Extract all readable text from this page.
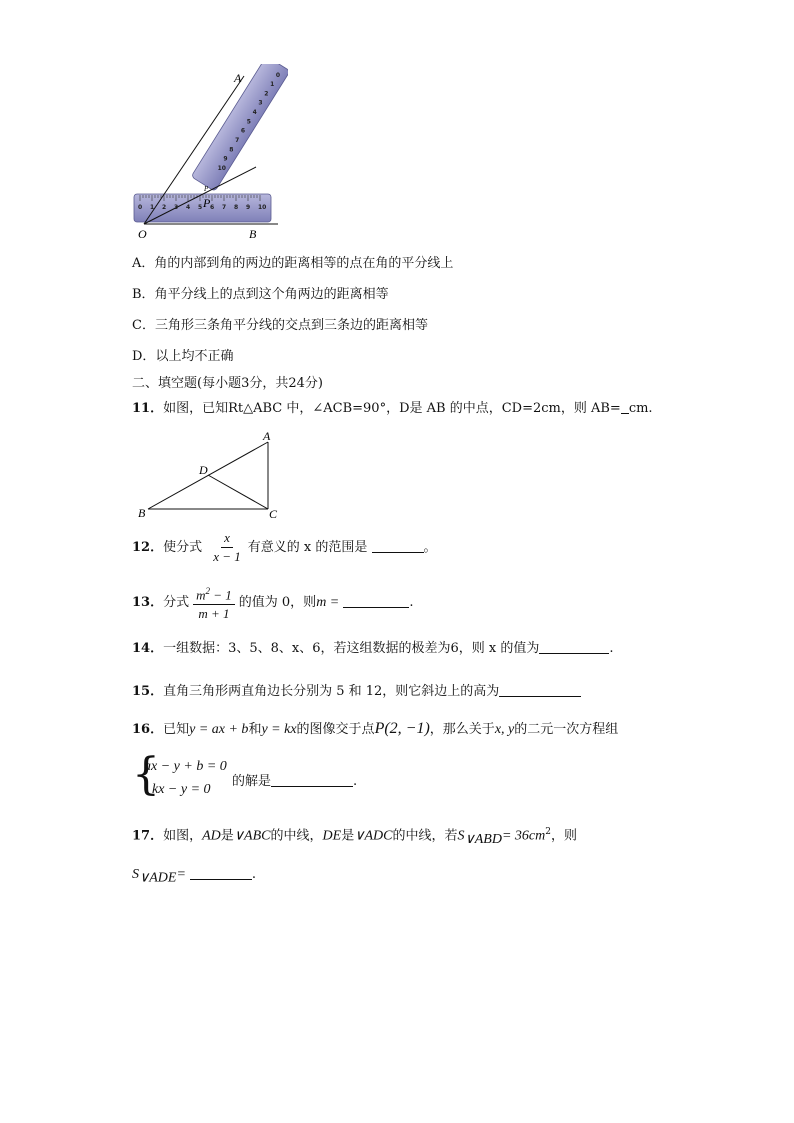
0 1 2 3 4 5 6 7 8 9 10
0
1
2
3
4
5
6
7
8
9
10
A
O	B
P
P
A．角的内部到角的两边的距离相等的点在角的平分线上
B．角平分线上的点到这个角两边的距离相等
C．三角形三条角平分线的交点到三条边的距离相等
D．以上均不正确
二、填空题(每小题3分，共24分)
11．如图，已知Rt△ABC 中，∠ACB=90°，D是 AB 的中点，CD=2cm，则 AB= cm.
A
B	C
D
12．使分式 $\frac{x}{x - 1}$ 有意义的 x 的范围是	。
13．分式 $\frac{m^2 - 1}{m + 1}$ 的值为 0，则m =	.
14．一组数据：3、5、8、x、6，若这组数据的极差为6，则 x 的值为	.
15．直角三角形两直角边长分别为 5 和 12，则它斜边上的高为
16．已知y = ax + b和y = kx的图像交于点P(2, −1)，那么关于x, y的二元一次方程组
{
ax − y + b = 0
kx − y = 0
的解是	.
17．如图，AD是∨ABC的中线，DE是∨ADC的中线，若$S_{\vee ABD}= 36cm^2$，则
$S_{\vee ADE}=$	.
